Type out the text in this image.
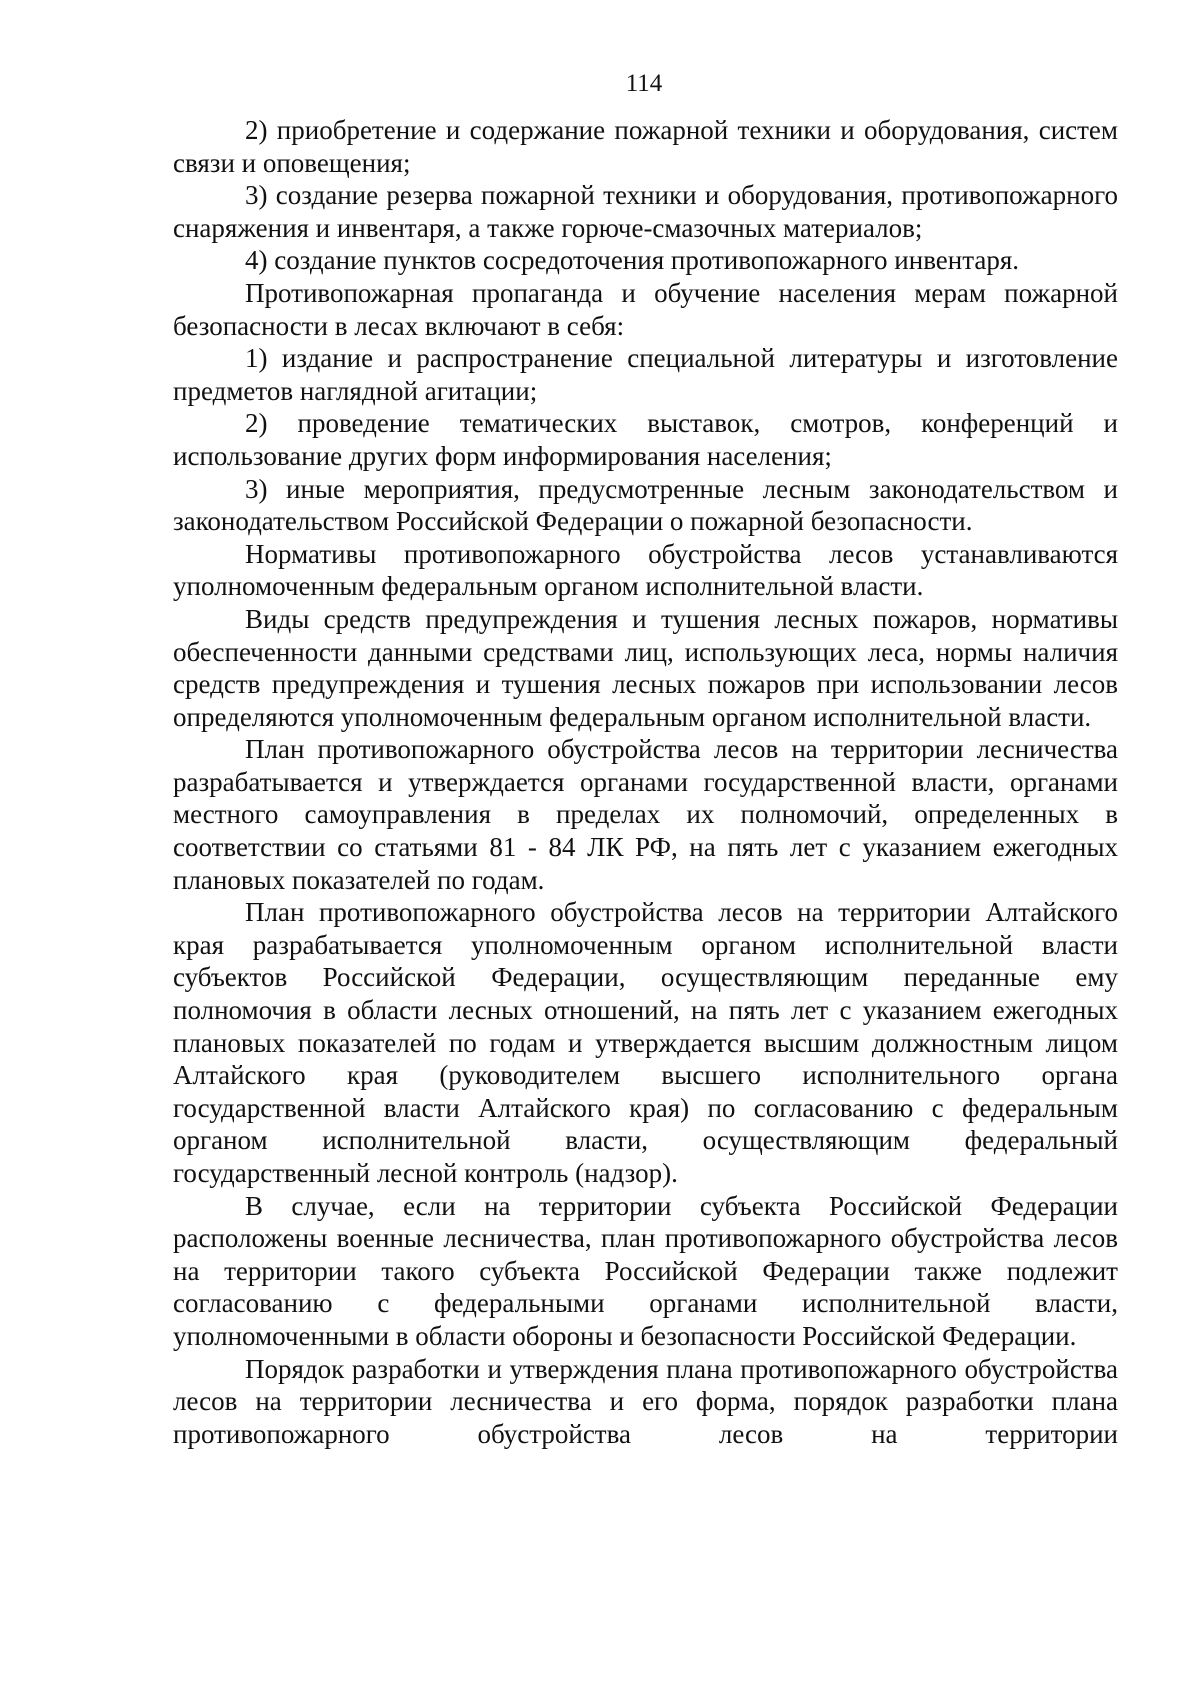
114

2) приобретение и содержание пожарной техники и оборудования, систем связи и оповещения;

3) создание резерва пожарной техники и оборудования, противопожарного снаряжения и инвентаря, а также горюче-смазочных материалов;

4) создание пунктов сосредоточения противопожарного инвентаря.

Противопожарная пропаганда и обучение населения мерам пожарной безопасности в лесах включают в себя:

1) издание и распространение специальной литературы и изготовление предметов наглядной агитации;

2) проведение тематических выставок, смотров, конференций и использование других форм информирования населения;

3) иные мероприятия, предусмотренные лесным законодательством и законодательством Российской Федерации о пожарной безопасности.

Нормативы противопожарного обустройства лесов устанавливаются уполномоченным федеральным органом исполнительной власти.

Виды средств предупреждения и тушения лесных пожаров, нормативы обеспеченности данными средствами лиц, использующих леса, нормы наличия средств предупреждения и тушения лесных пожаров при использовании лесов определяются уполномоченным федеральным органом исполнительной власти.

План противопожарного обустройства лесов на территории лесничества разрабатывается и утверждается органами государственной власти, органами местного самоуправления в пределах их полномочий, определенных в соответствии со статьями 81 - 84 ЛК РФ, на пять лет с указанием ежегодных плановых показателей по годам.

План противопожарного обустройства лесов на территории Алтайского края разрабатывается уполномоченным органом исполнительной власти субъектов Российской Федерации, осуществляющим переданные ему полномочия в области лесных отношений, на пять лет с указанием ежегодных плановых показателей по годам и утверждается высшим должностным лицом Алтайского края (руководителем высшего исполнительного органа государственной власти Алтайского края) по согласованию с федеральным органом исполнительной власти, осуществляющим федеральный государственный лесной контроль (надзор).

В случае, если на территории субъекта Российской Федерации расположены военные лесничества, план противопожарного обустройства лесов на территории такого субъекта Российской Федерации также подлежит согласованию с федеральными органами исполнительной власти, уполномоченными в области обороны и безопасности Российской Федерации.

Порядок разработки и утверждения плана противопожарного обустройства лесов на территории лесничества и его форма, порядок разработки плана противопожарного обустройства лесов на территории
